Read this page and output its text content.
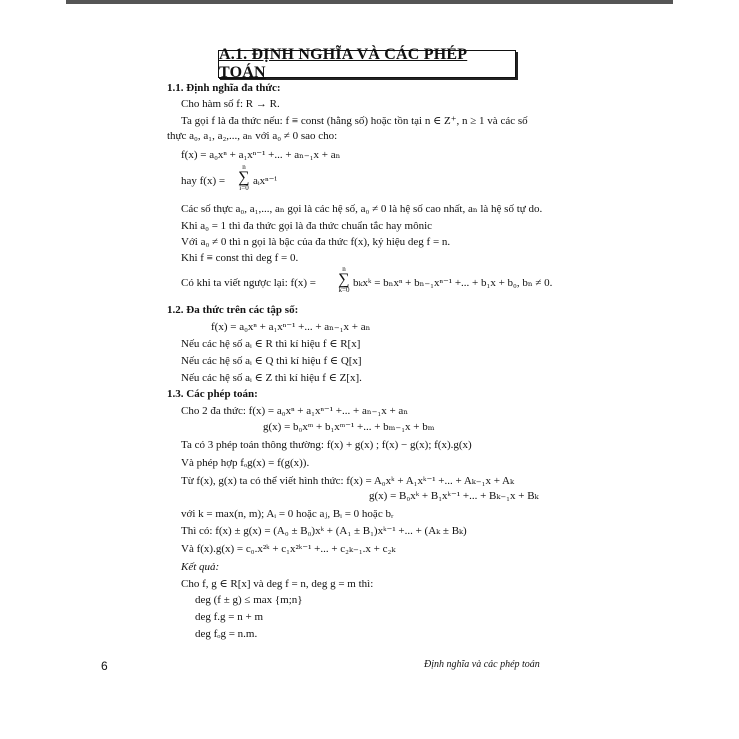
A.1. ĐỊNH NGHĨA VÀ CÁC PHÉP TOÁN
1.1. Định nghĩa đa thức:
Cho hàm số f: R → R.
Ta gọi f là đa thức nếu: f ≡ const (hằng số) hoặc tồn tại n ∈ Z⁺, n ≥ 1 và các số
thực a₀, a₁, a₂,..., aₙ với a₀ ≠ 0 sao cho:
f(x) = a₀xⁿ + a₁xⁿ⁻¹ +... + aₙ₋₁x + aₙ
hay f(x) =
n
∑
i=0
aᵢxⁿ⁻ⁱ
Các số thực a₀, a₁,..., aₙ gọi là các hệ số, a₀ ≠ 0 là hệ số cao nhất, aₙ là hệ số tự do.
Khi a₀ = 1 thì đa thức gọi là đa thức chuẩn tắc hay mônic
Với a₀ ≠ 0 thì n gọi là bậc của đa thức f(x), ký hiệu deg f = n.
Khi f ≡ const thì deg f = 0.
Có khi ta viết ngược lại: f(x) =
n
∑
k=0
bₖxᵏ = bₙxⁿ + bₙ₋₁xⁿ⁻¹ +... + b₁x + b₀, bₙ ≠ 0.
1.2. Đa thức trên các tập số:
f(x) = a₀xⁿ + a₁xⁿ⁻¹ +... + aₙ₋₁x + aₙ
Nếu các hệ số aᵢ ∈ R thì kí hiệu f ∈ R[x]
Nếu các hệ số aᵢ ∈ Q thì kí hiệu f ∈ Q[x]
Nếu các hệ số aᵢ ∈ Z thì kí hiệu f ∈ Z[x].
1.3. Các phép toán:
Cho 2 đa thức: f(x) = a₀xⁿ + a₁xⁿ⁻¹ +... + aₙ₋₁x + aₙ
g(x) = b₀xᵐ + b₁xᵐ⁻¹ +... + bₘ₋₁x + bₘ
Ta có 3 phép toán thông thường: f(x) + g(x) ; f(x) − g(x); f(x).g(x)
Và phép hợp fₒg(x) = f(g(x)).
Từ f(x), g(x) ta có thể viết hình thức: f(x) = A₀xᵏ + A₁xᵏ⁻¹ +... + Aₖ₋₁x + Aₖ
g(x) = B₀xᵏ + B₁xᵏ⁻¹ +... + Bₖ₋₁x + Bₖ
với k = max(n, m); Aᵢ = 0 hoặc aⱼ, Bᵢ = 0 hoặc bᵣ
Thì có: f(x) ± g(x) = (A₀ ± B₀)xᵏ + (A₁ ± B₁)xᵏ⁻¹ +... + (Aₖ ± Bₖ)
Và f(x).g(x) = c₀.x²ᵏ + c₁x²ᵏ⁻¹ +... + c₂ₖ₋₁.x + c₂ₖ
Kết quả:
Cho f, g ∈ R[x] và deg f = n, deg g = m thì:
deg (f ± g) ≤ max {m;n}
deg f.g = n + m
deg fₒg = n.m.
6	Định nghĩa và các phép toán
